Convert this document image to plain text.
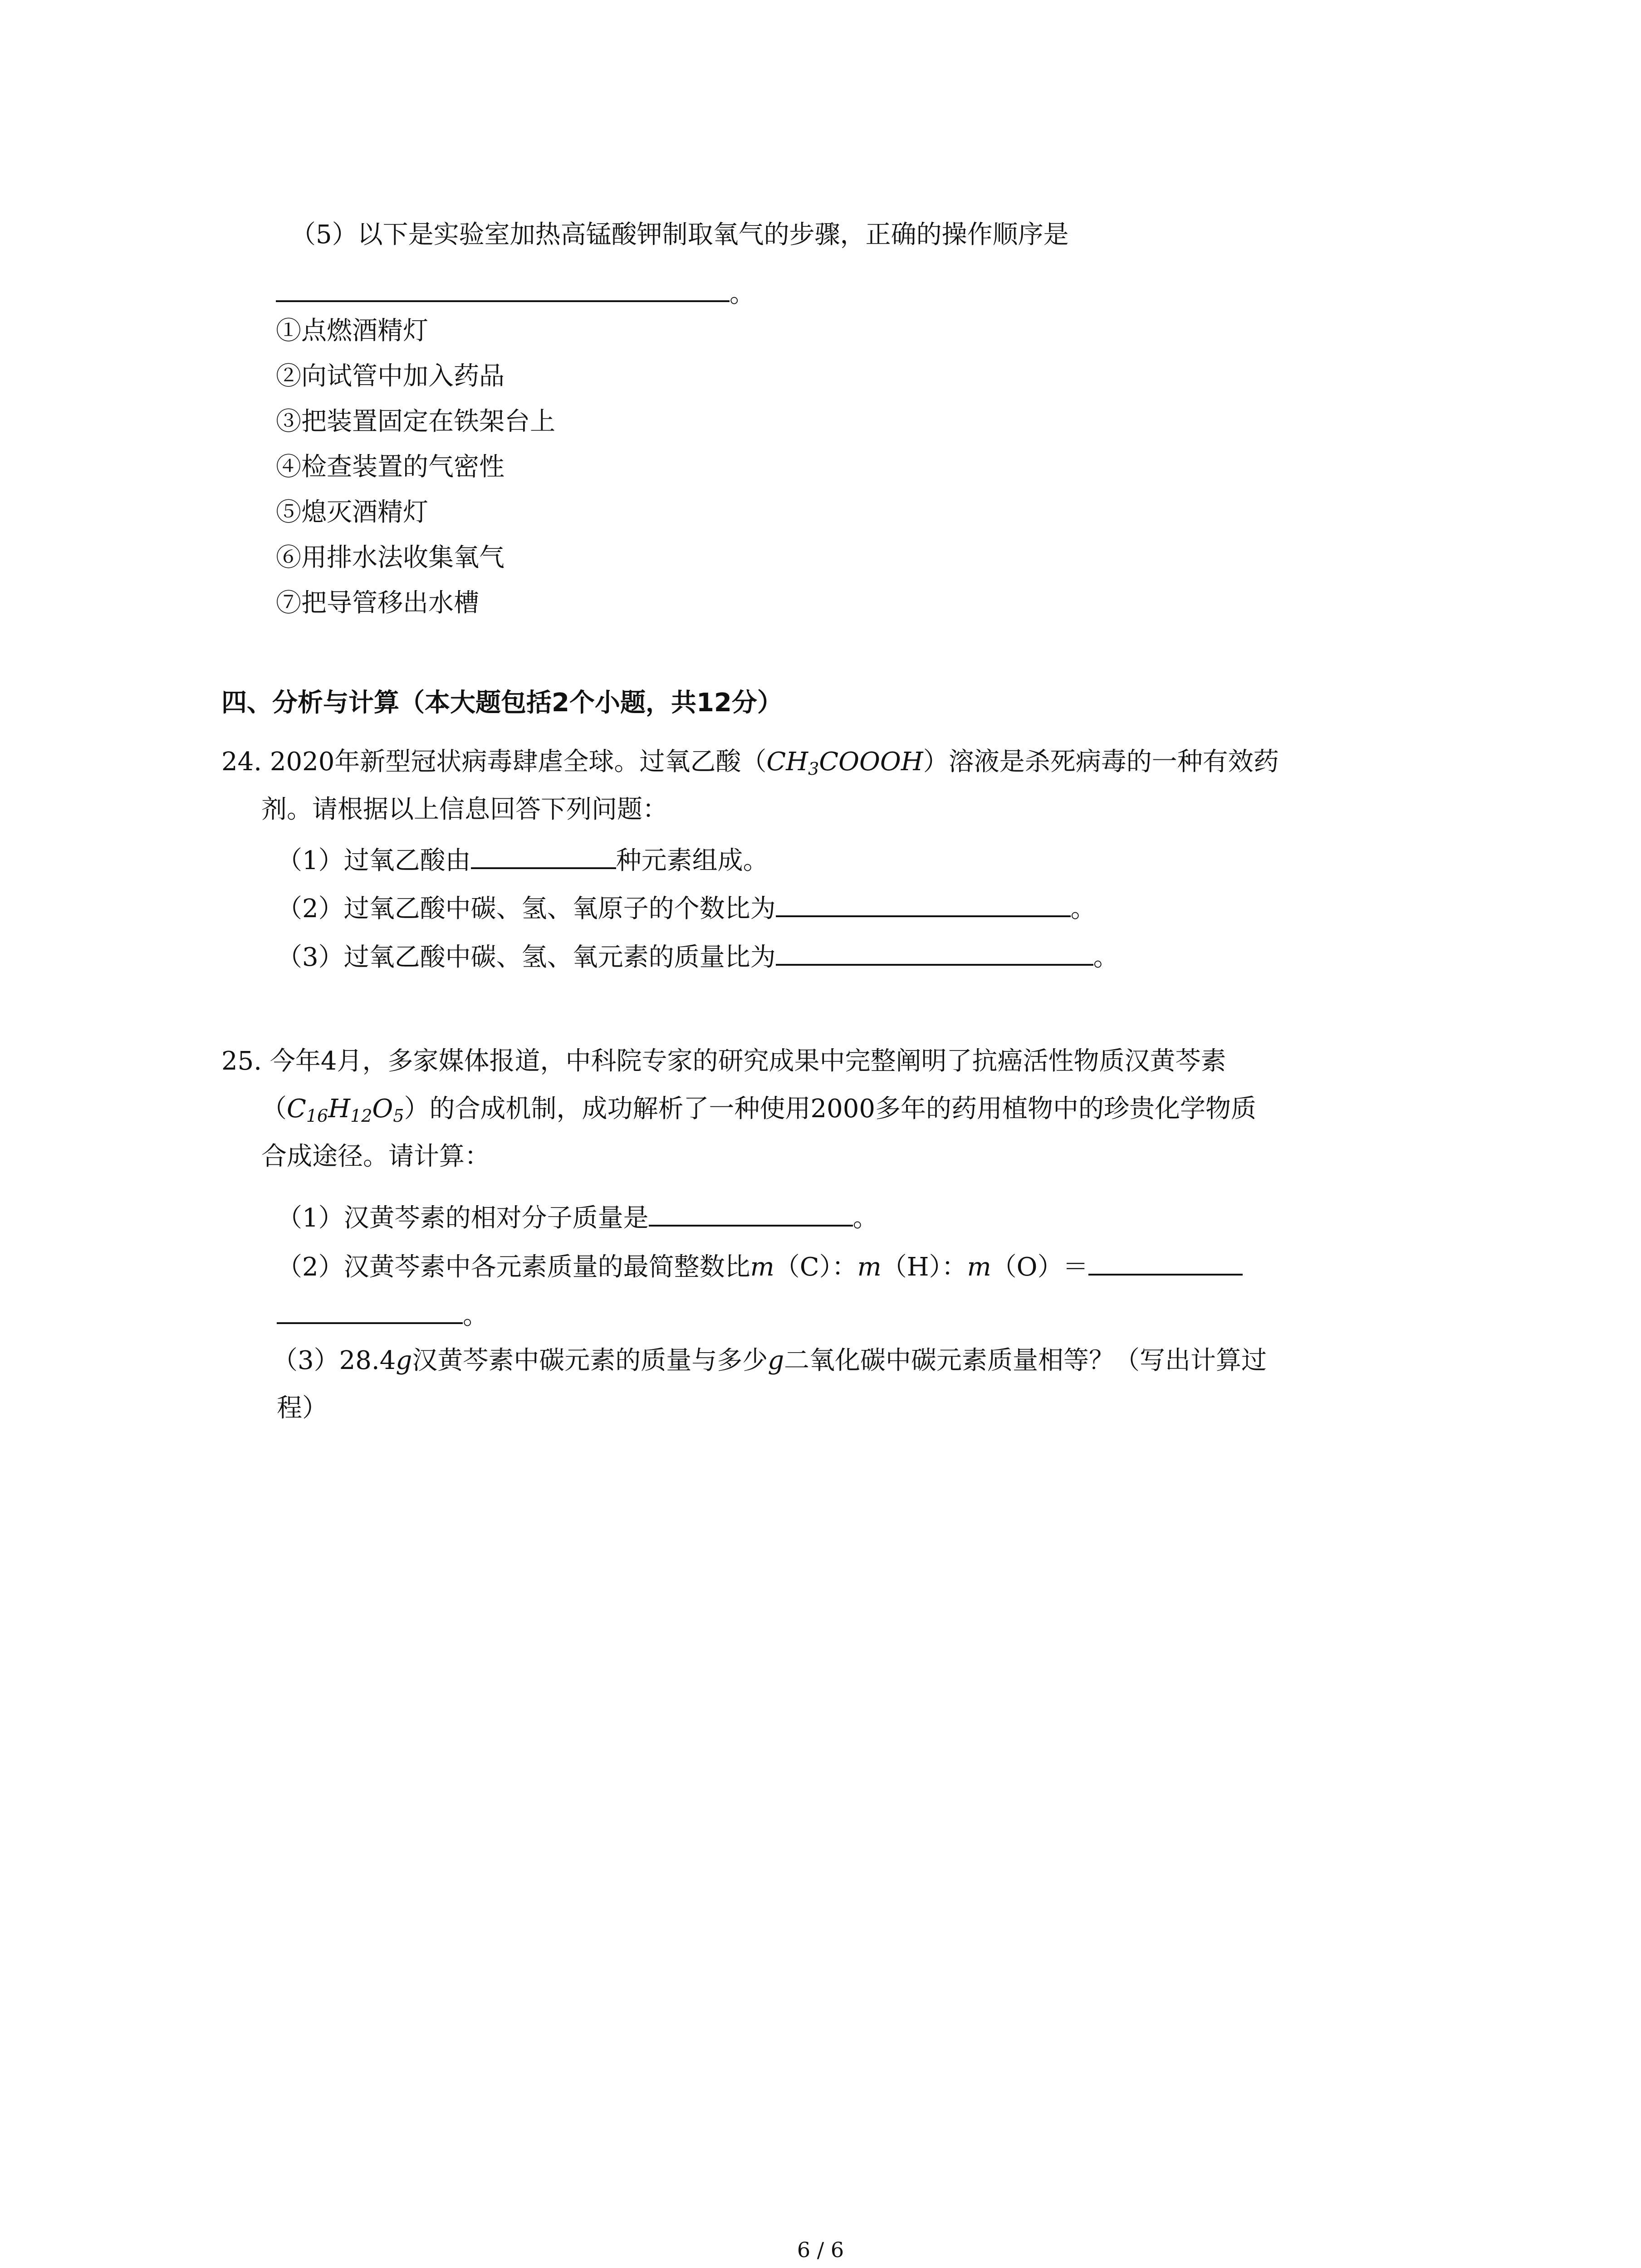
（5）以下是实验室加热高锰酸钾制取氧气的步骤，正确的操作顺序是
。
①点燃酒精灯
②向试管中加入药品
③把装置固定在铁架台上
④检查装置的气密性
⑤熄灭酒精灯
⑥用排水法收集氧气
⑦把导管移出水槽
四、分析与计算（本大题包括2个小题，共12分）
24. 2020年新型冠状病毒肆虐全球。过氧乙酸$(CH_3COOOH)$溶液是杀死病毒的一种有效药
剂。请根据以上信息回答下列问题：
（1）过氧乙酸由	种元素组成。
（2）过氧乙酸中碳、氢、氧原子的个数比为	。
（3）过氧乙酸中碳、氢、氧元素的质量比为	。
25. 今年4月，多家媒体报道，中科院专家的研究成果中完整阐明了抗癌活性物质汉黄芩素
$(C_{16}H_{12}O_5)$的合成机制，成功解析了一种使用2000多年的药用植物中的珍贵化学物质
合成途径。请计算：
（1）汉黄芩素的相对分子质量是	。
（2）汉黄芩素中各元素质量的最简整数比m（C）：m（H）：m（O）＝
。
（3）28.4g汉黄芩素中碳元素的质量与多少g二氧化碳中碳元素质量相等？（写出计算过
程）
6 / 6
